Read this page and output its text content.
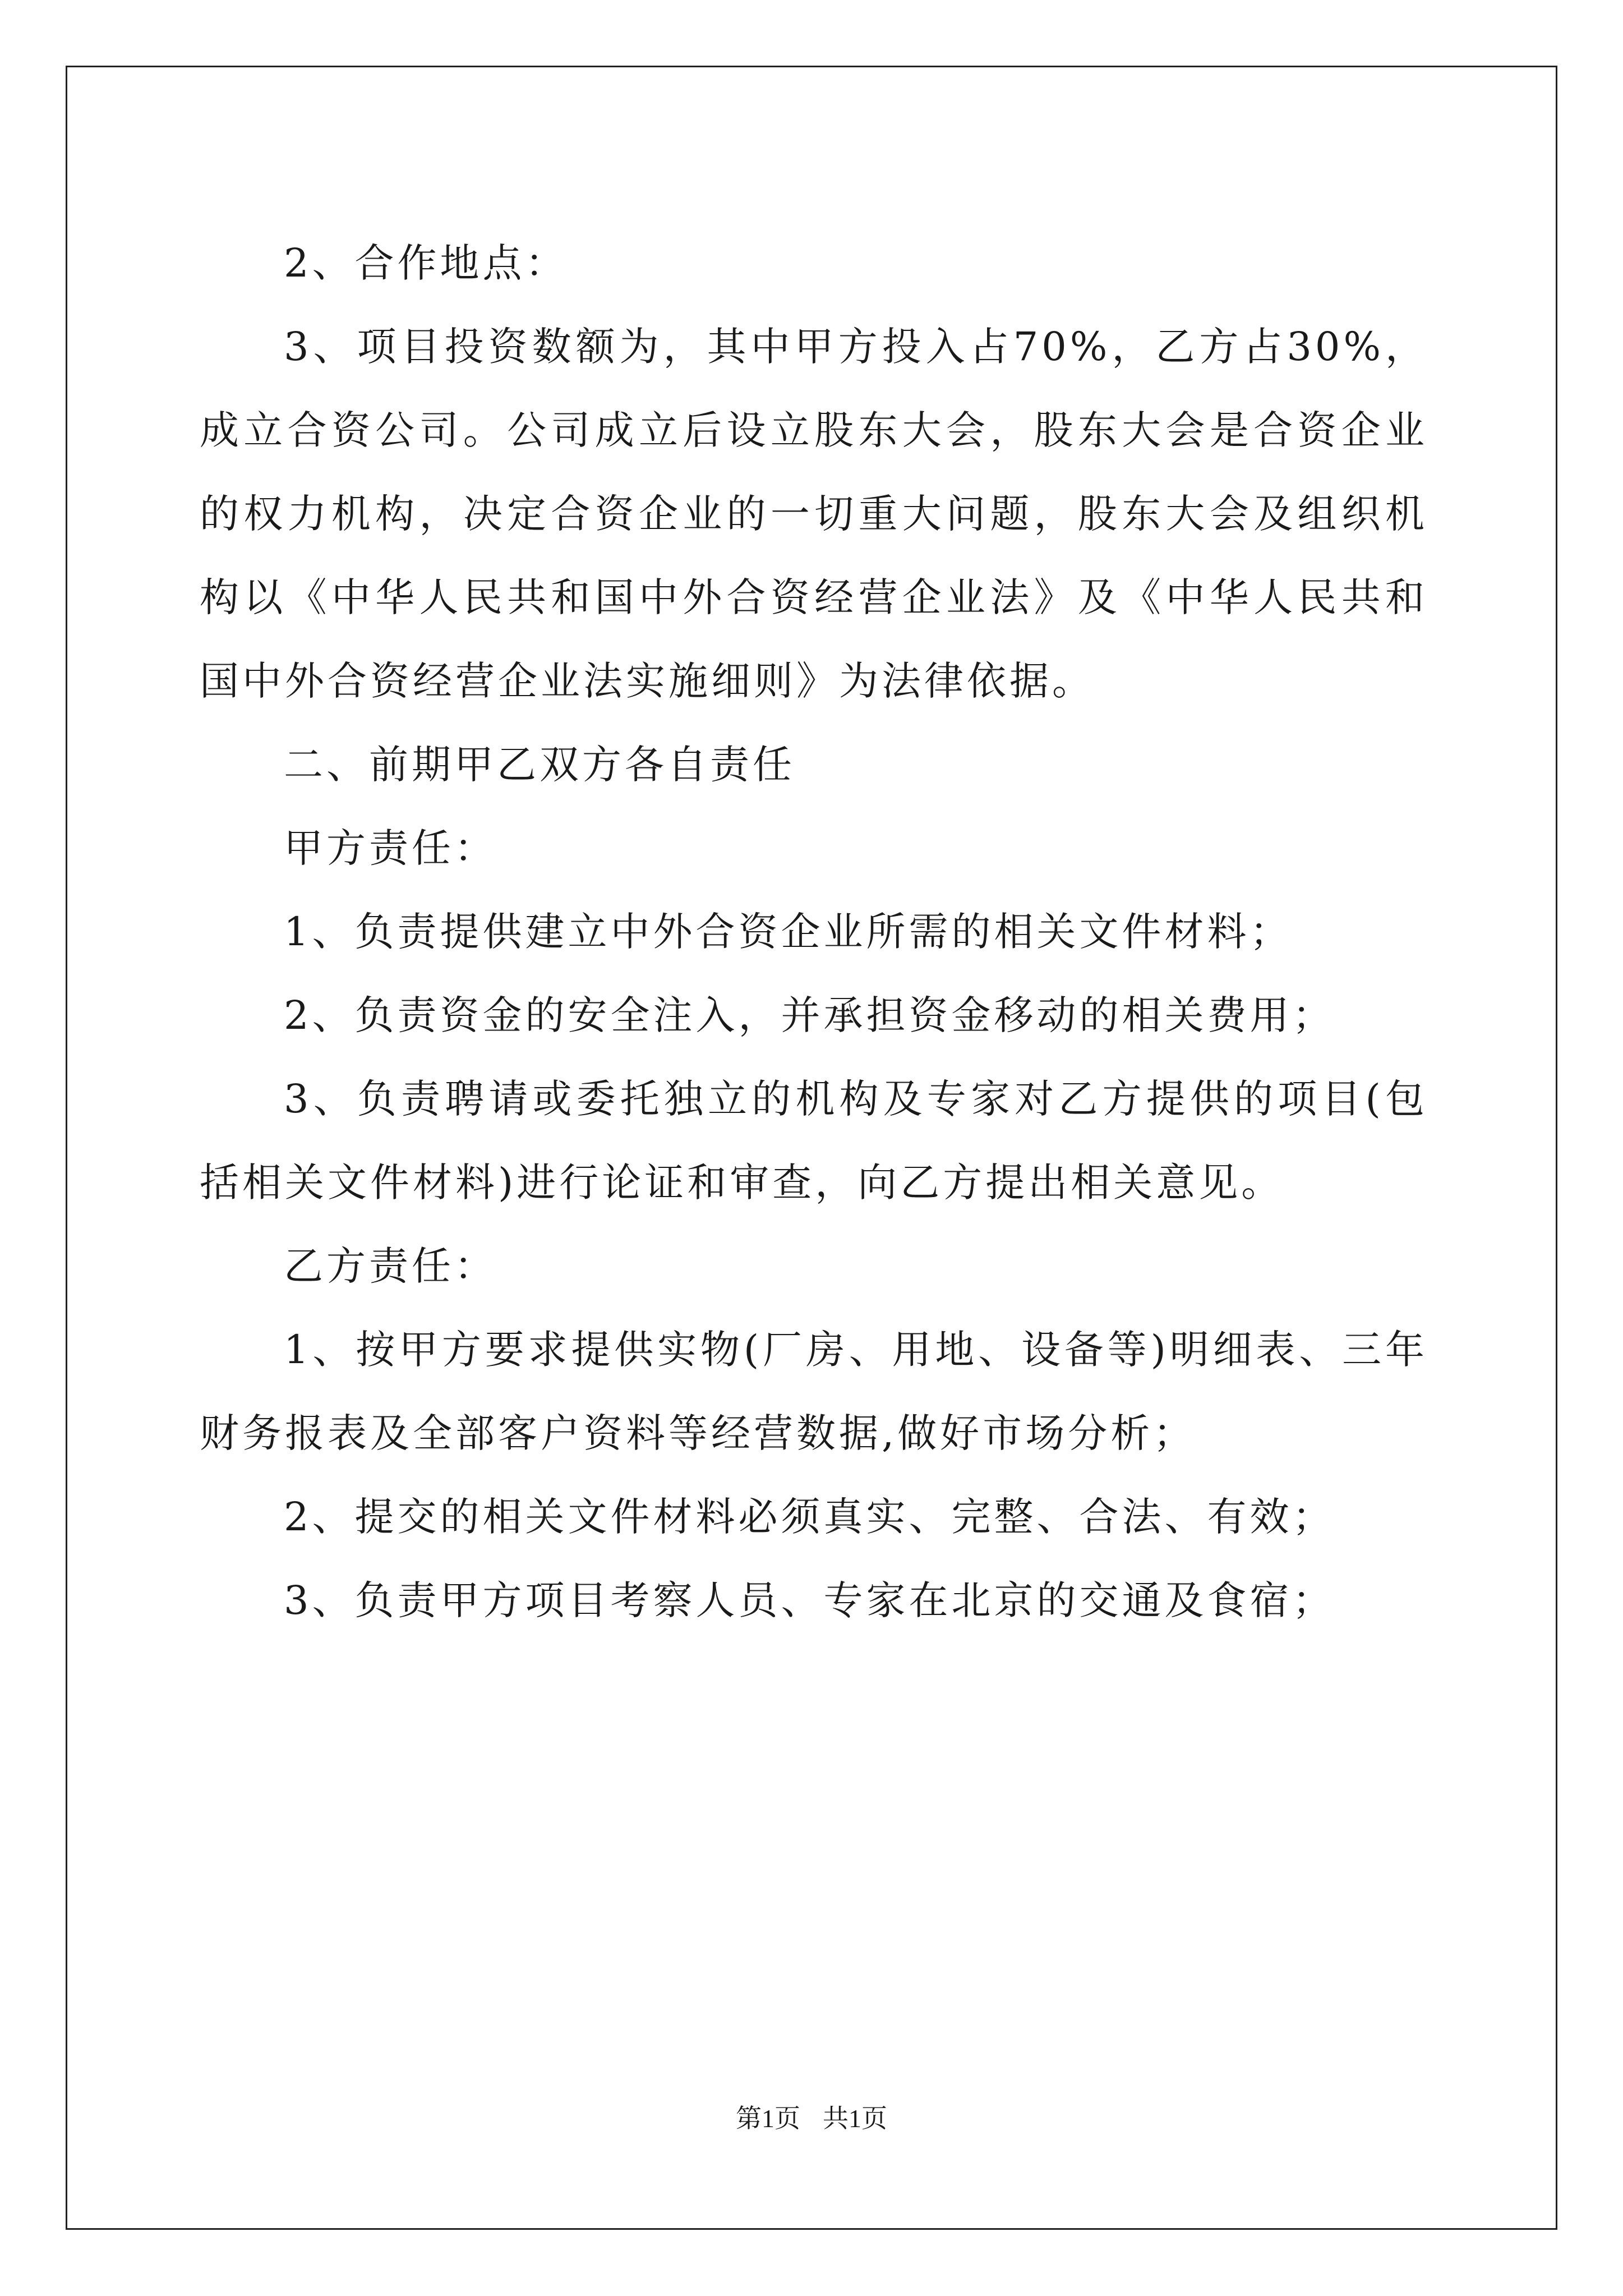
2、合作地点：

3、项目投资数额为，其中甲方投入占70%，乙方占30%，成立合资公司。公司成立后设立股东大会，股东大会是合资企业的权力机构，决定合资企业的一切重大问题，股东大会及组织机构以《中华人民共和国中外合资经营企业法》及《中华人民共和国中外合资经营企业法实施细则》为法律依据。

二、前期甲乙双方各自责任

甲方责任：

1、负责提供建立中外合资企业所需的相关文件材料；

2、负责资金的安全注入，并承担资金移动的相关费用；

3、负责聘请或委托独立的机构及专家对乙方提供的项目(包括相关文件材料)进行论证和审查，向乙方提出相关意见。

乙方责任：

1、按甲方要求提供实物(厂房、用地、设备等)明细表、三年财务报表及全部客户资料等经营数据,做好市场分析；

2、提交的相关文件材料必须真实、完整、合法、有效；

3、负责甲方项目考察人员、专家在北京的交通及食宿；

第1页 共1页
